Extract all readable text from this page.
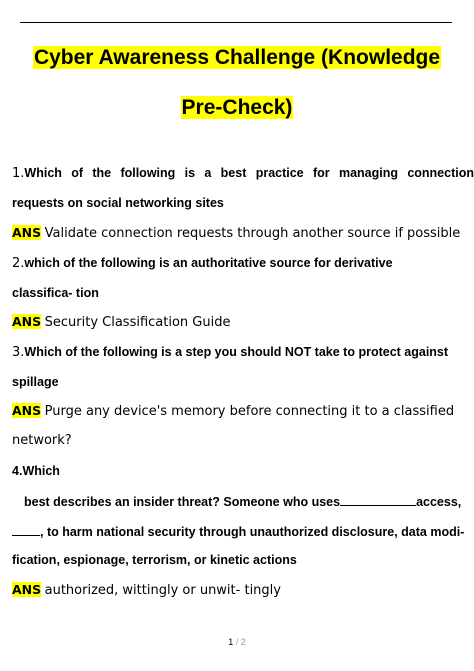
Cyber Awareness Challenge (Knowledge
Pre-Check)
1.Which of the following is a best practice for managing connection
requests on social networking sites
ANS Validate connection requests through another source if possible
2.which of the following is an authoritative source for derivative
classifica- tion
ANS Security Classification Guide
3.Which of the following is a step you should NOT take to protect against
spillage
ANS Purge any device's memory before connecting it to a classified
network?
4.Which
best describes an insider threat? Someone who uses	access,
, to harm national security through unauthorized disclosure, data modi-
fication, espionage, terrorism, or kinetic actions
ANS authorized, wittingly or unwit- tingly
1 / 2
